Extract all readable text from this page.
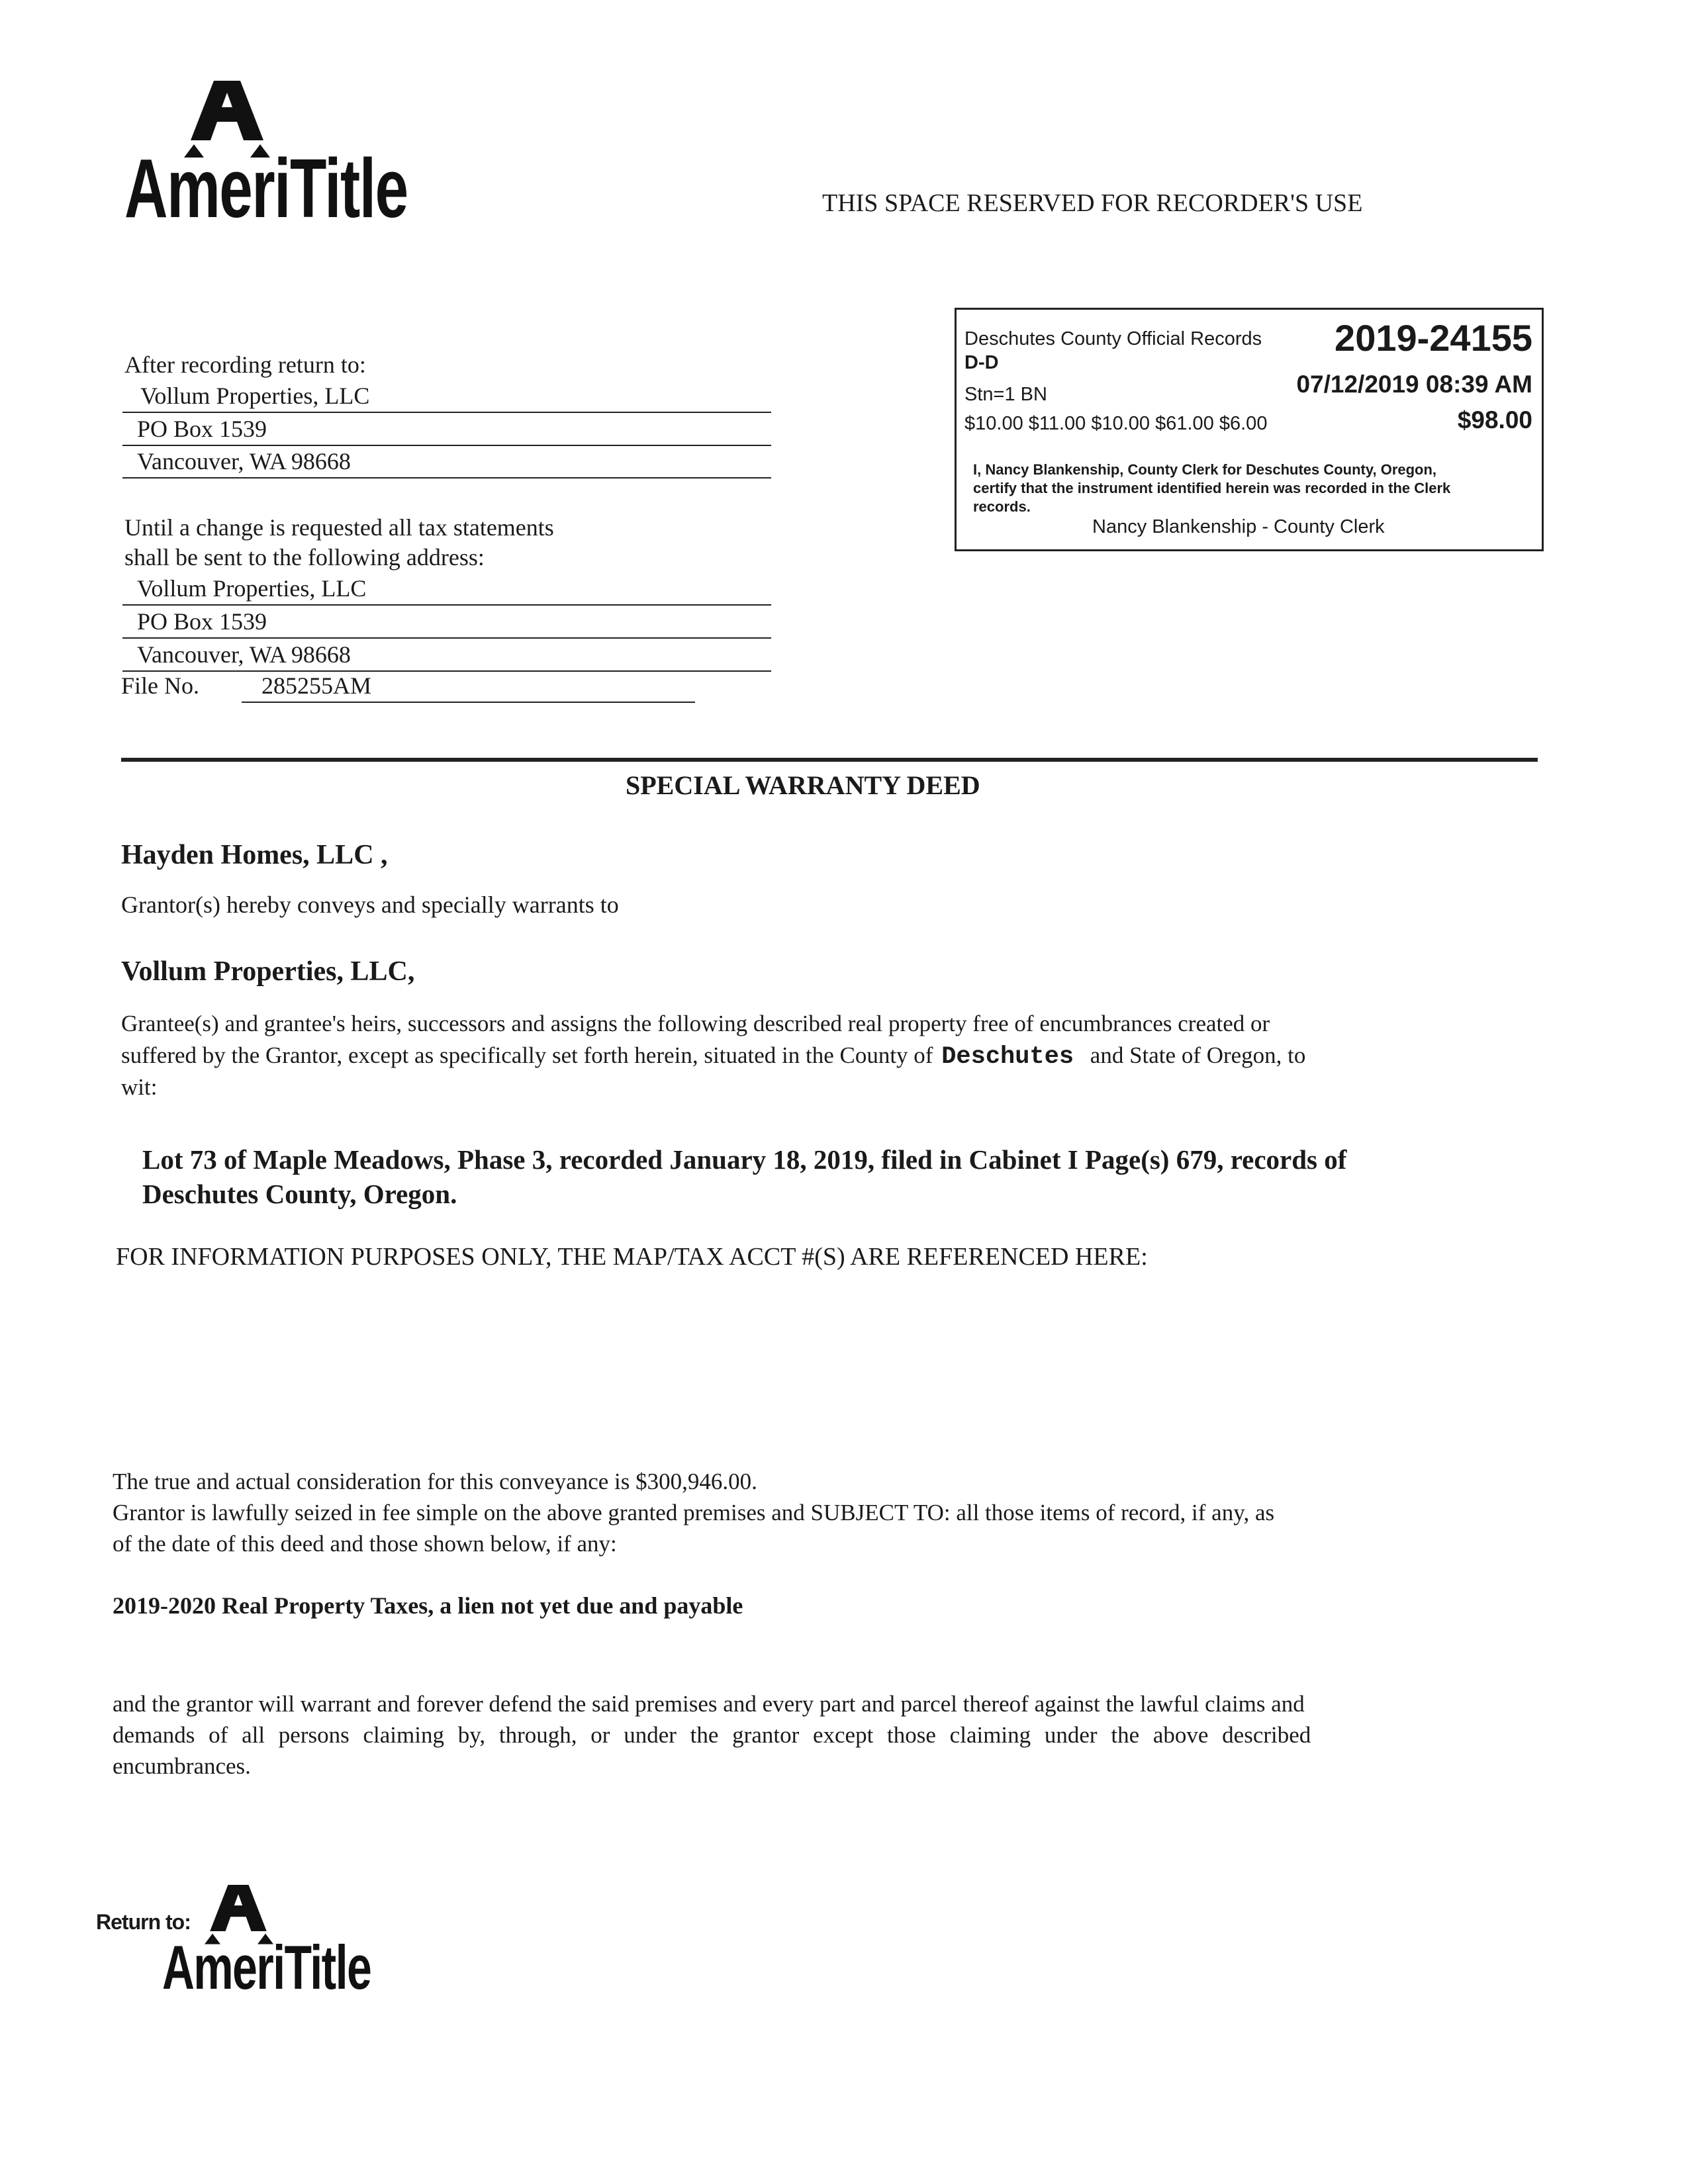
AmeriTitle	THIS SPACE RESERVED FOR RECORDER'S USE
After recording return to:
Vollum Properties, LLC
PO Box 1539
Vancouver, WA 98668
Until a change is requested all tax statements
shall be sent to the following address:
Vollum Properties, LLC
PO Box 1539
Vancouver, WA 98668
File No.	285255AM
Deschutes County Official Records 2019-24155
D-D
Stn=1 BN	07/12/2019 08:39 AM
$10.00 $11.00 $10.00 $61.00 $6.00	$98.00
I, Nancy Blankenship, County Clerk for Deschutes County, Oregon,
certify that the instrument identified herein was recorded in the Clerk
records.
Nancy Blankenship - County Clerk
SPECIAL WARRANTY DEED
Hayden Homes, LLC ,
Grantor(s) hereby conveys and specially warrants to
Vollum Properties, LLC,
Grantee(s) and grantee's heirs, successors and assigns the following described real property free of encumbrances created or
suffered by the Grantor, except as specifically set forth herein, situated in the County of Deschutes and State of Oregon, to
wit:
Lot 73 of Maple Meadows, Phase 3, recorded January 18, 2019, filed in Cabinet I Page(s) 679, records of
Deschutes County, Oregon.
FOR INFORMATION PURPOSES ONLY, THE MAP/TAX ACCT #(S) ARE REFERENCED HERE:
The true and actual consideration for this conveyance is $300,946.00.
Grantor is lawfully seized in fee simple on the above granted premises and SUBJECT TO: all those items of record, if any, as
of the date of this deed and those shown below, if any:
2019-2020 Real Property Taxes, a lien not yet due and payable
and the grantor will warrant and forever defend the said premises and every part and parcel thereof against the lawful claims and
demands of all persons claiming by, through, or under the grantor except those claiming under the above described
encumbrances.
Return to:
AmeriTitle
